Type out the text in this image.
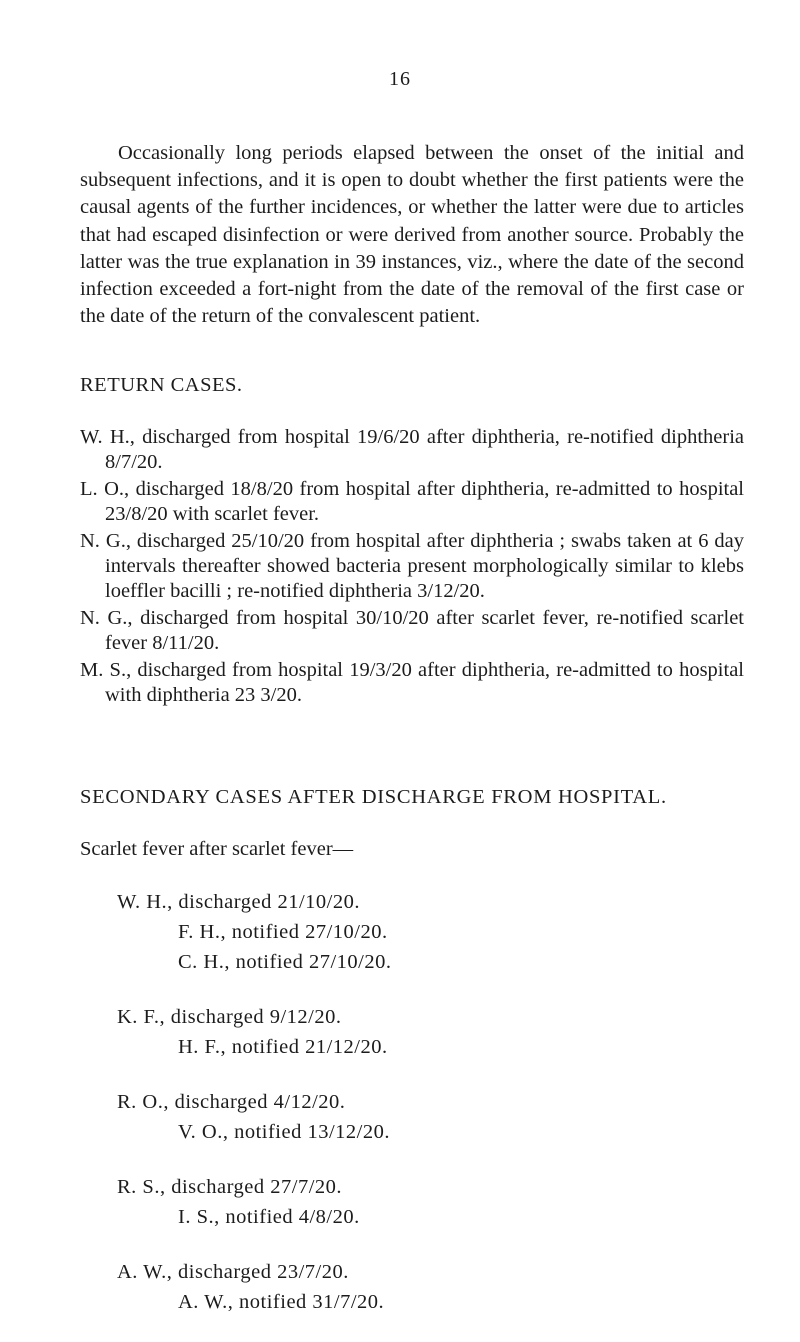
16

Occasionally long periods elapsed between the onset of the initial and subsequent infections, and it is open to doubt whether the first patients were the causal agents of the further incidences, or whether the latter were due to articles that had escaped disinfection or were derived from another source. Probably the latter was the true explanation in 39 instances, viz., where the date of the second infection exceeded a fort-night from the date of the removal of the first case or the date of the return of the convalescent patient.

RETURN CASES.
W. H., discharged from hospital 19/6/20 after diphtheria, re-notified diphtheria 8/7/20.
L. O., discharged 18/8/20 from hospital after diphtheria, re-admitted to hospital 23/8/20 with scarlet fever.
N. G., discharged 25/10/20 from hospital after diphtheria ; swabs taken at 6 day intervals thereafter showed bacteria present morphologically similar to klebs loeffler bacilli ; re-notified diphtheria 3/12/20.
N. G., discharged from hospital 30/10/20 after scarlet fever, re-notified scarlet fever 8/11/20.
M. S., discharged from hospital 19/3/20 after diphtheria, re-admitted to hospital with diphtheria 23 3/20.
SECONDARY CASES AFTER DISCHARGE FROM HOSPITAL.

Scarlet fever after scarlet fever—

W. H., discharged 21/10/20.
F. H., notified 27/10/20.
C. H., notified 27/10/20.
K. F., discharged 9/12/20.
H. F., notified 21/12/20.
R. O., discharged 4/12/20.
V. O., notified 13/12/20.
R. S., discharged 27/7/20.
I. S., notified 4/8/20.
A. W., discharged 23/7/20.
A. W., notified 31/7/20.
